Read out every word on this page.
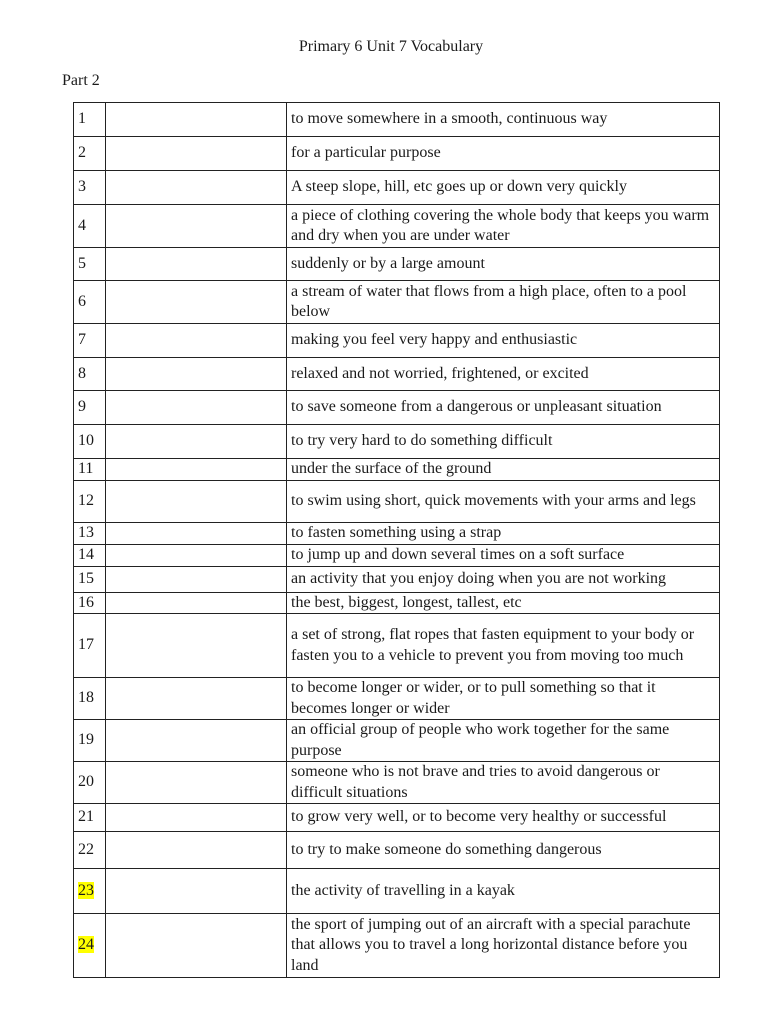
Primary 6 Unit 7 Vocabulary
Part 2
1		to move somewhere in a smooth, continuous way
2		for a particular purpose
3		A steep slope, hill, etc goes up or down very quickly
4		a piece of clothing covering the whole body that keeps you warm and dry when you are under water
5		suddenly or by a large amount
6		a stream of water that flows from a high place, often to a pool below
7		making you feel very happy and enthusiastic
8		relaxed and not worried, frightened, or excited
9		to save someone from a dangerous or unpleasant situation
10		to try very hard to do something difficult
11		under the surface of the ground
12		to swim using short, quick movements with your arms and legs
13		to fasten something using a strap
14		to jump up and down several times on a soft surface
15		an activity that you enjoy doing when you are not working
16		the best, biggest, longest, tallest, etc
17		a set of strong, flat ropes that fasten equipment to your body or fasten you to a vehicle to prevent you from moving too much
18		to become longer or wider, or to pull something so that it becomes longer or wider
19		an official group of people who work together for the same purpose
20		someone who is not brave and tries to avoid dangerous or difficult situations
21		to grow very well, or to become very healthy or successful
22		to try to make someone do something dangerous
23		the activity of travelling in a kayak
24		the sport of jumping out of an aircraft with a special parachute that allows you to travel a long horizontal distance before you land
